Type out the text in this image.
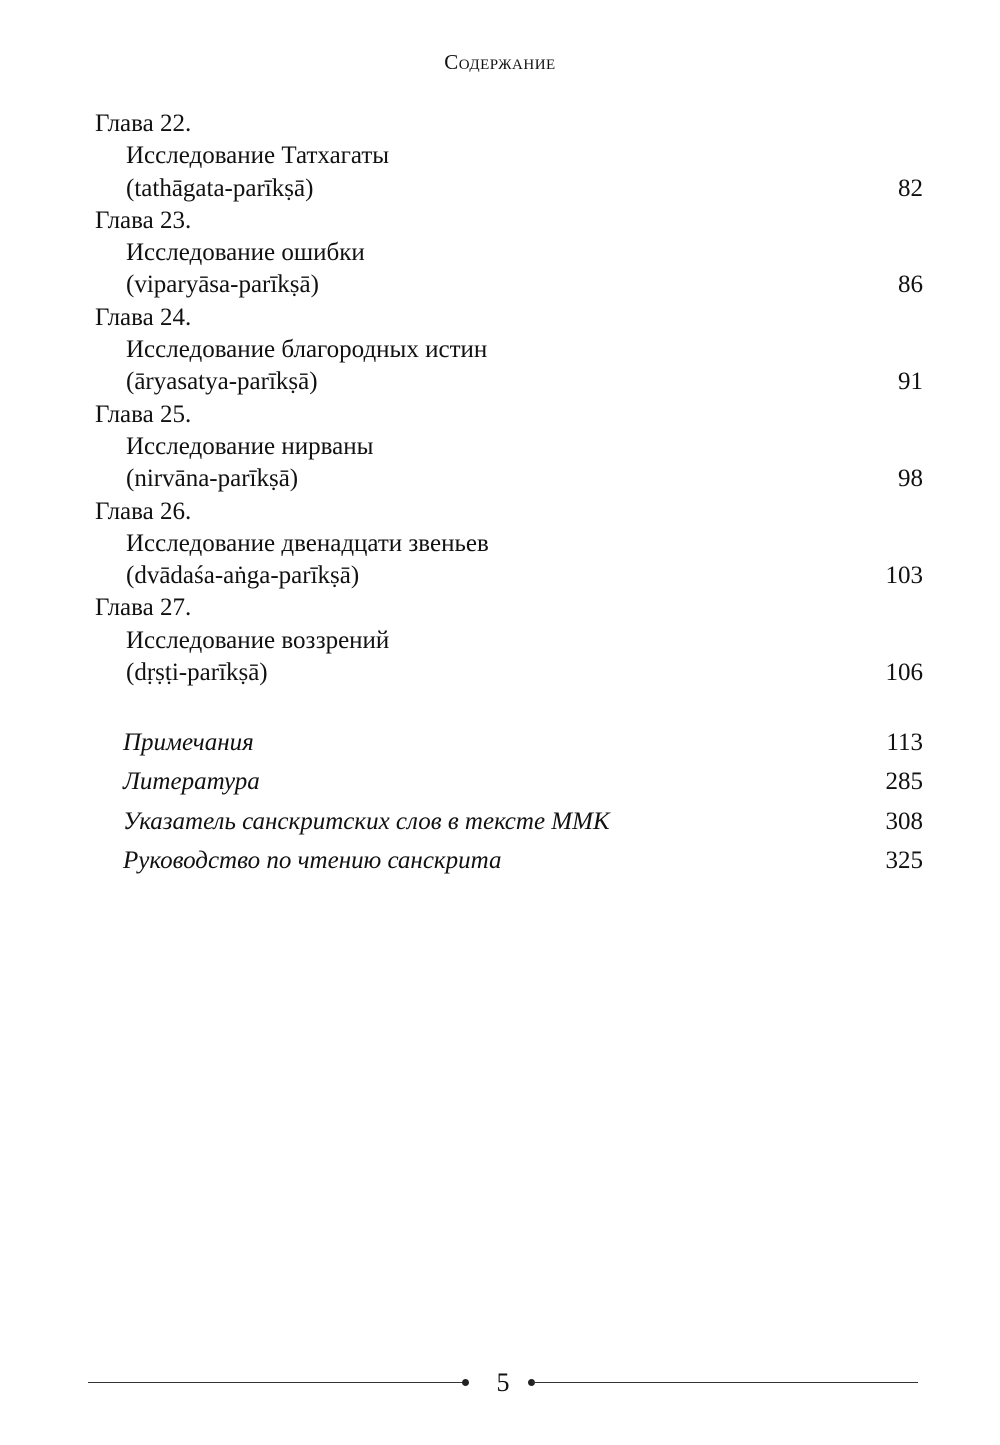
Содержание
Глава 22.
Исследование Татхагаты
(tathāgata-parīkṣā)	82
Глава 23.
Исследование ошибки
(viparyāsa-parīkṣā)	86
Глава 24.
Исследование благородных истин
(āryasatya-parīkṣā)	91
Глава 25.
Исследование нирваны
(nirvāna-parīkṣā)	98
Глава 26.
Исследование двенадцати звеньев
(dvādaśa-aṅga-parīkṣā)	103
Глава 27.
Исследование воззрений
(dṛṣṭi-parīkṣā)	106
Примечания	113
Литература	285
Указатель санскритских слов в тексте ММК	308
Руководство по чтению санскрита	325
5
